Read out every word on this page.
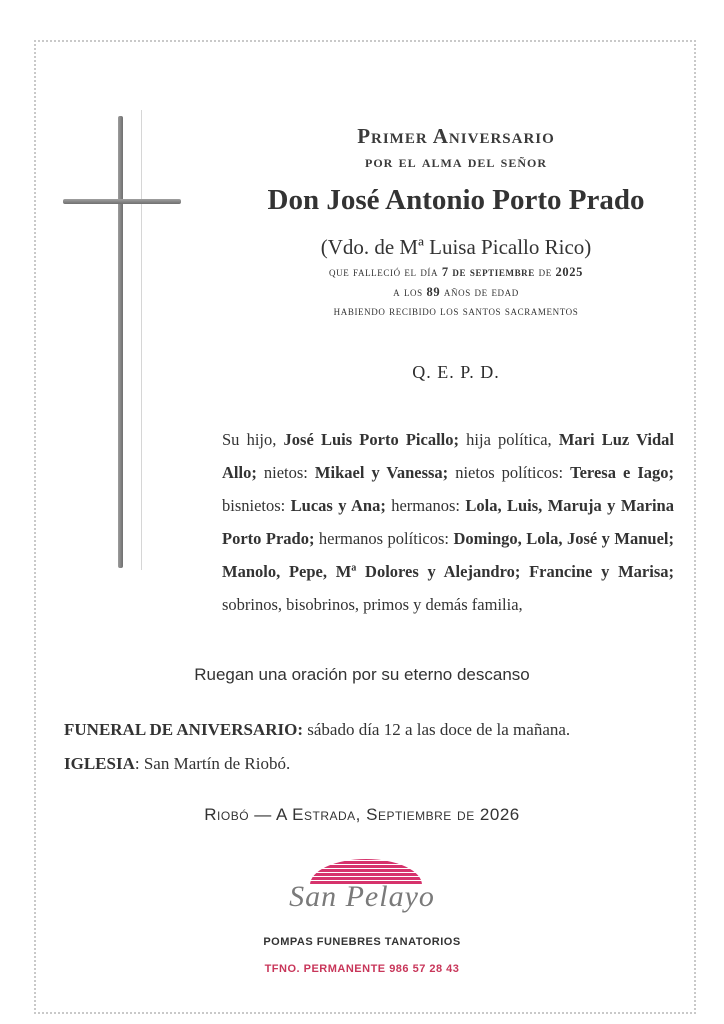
Primer Aniversario

por el alma del señor

Don José Antonio Porto Prado

(Vdo. de Mª Luisa Picallo Rico)

que falleció el día 7 de septiembre de 2025

a los 89 años de edad

habiendo recibido los santos sacramentos

Q. E. P. D.

Su hijo, José Luis Porto Picallo; hija política, Mari Luz Vidal Allo; nietos: Mikael y Vanessa; nietos políticos: Teresa e Iago; bisnietos: Lucas y Ana; hermanos: Lola, Luis, Maruja y Marina Porto Prado; hermanos políticos: Domingo, Lola, José y Manuel; Manolo, Pepe, Mª Dolores y Alejandro; Francine y Marisa; sobrinos, bisobrinos, primos y demás familia,
Ruegan una oración por su eterno descanso

FUNERAL DE ANIVERSARIO: sábado día 12 a las doce de la mañana.

IGLESIA: San Martín de Riobó.

Riobó — A Estrada, Septiembre de 2026
San Pelayo
POMPAS FUNEBRES TANATORIOS
TFNO. PERMANENTE 986 57 28 43
